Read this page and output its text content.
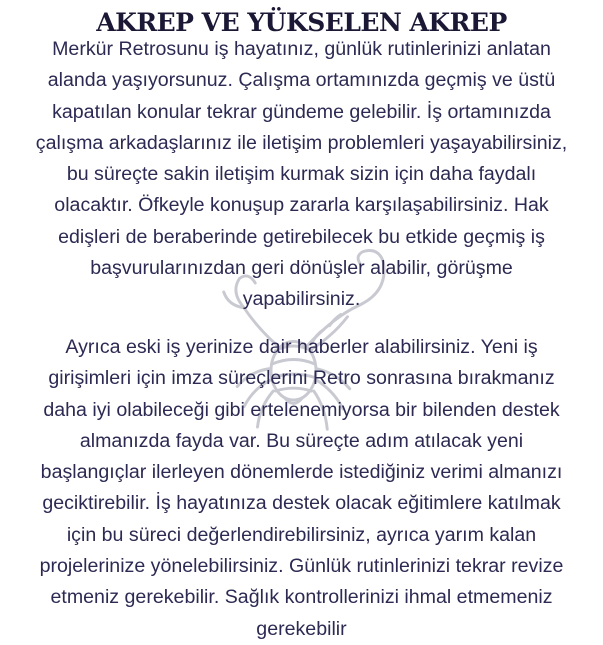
AKREP VE YÜKSELEN AKREP
Merkür Retrosunu iş hayatınız, günlük rutinlerinizi anlatan
alanda yaşıyorsunuz. Çalışma ortamınızda geçmiş ve üstü
kapatılan konular tekrar gündeme gelebilir. İş ortamınızda
çalışma arkadaşlarınız ile iletişim problemleri yaşayabilirsiniz,
bu süreçte sakin iletişim kurmak sizin için daha faydalı
olacaktır. Öfkeyle konuşup zararla karşılaşabilirsiniz. Hak
edişleri de beraberinde getirebilecek bu etkide geçmiş iş
başvurularınızdan geri dönüşler alabilir, görüşme
yapabilirsiniz.
Ayrıca eski iş yerinize dair haberler alabilirsiniz. Yeni iş
girişimleri için imza süreçlerini Retro sonrasına bırakmanız
daha iyi olabileceği gibi ertelenemiyorsa bir bilenden destek
almanızda fayda var. Bu süreçte adım atılacak yeni
başlangıçlar ilerleyen dönemlerde istediğiniz verimi almanızı
geciktirebilir. İş hayatınıza destek olacak eğitimlere katılmak
için bu süreci değerlendirebilirsiniz, ayrıca yarım kalan
projelerinize yönelebilirsiniz. Günlük rutinlerinizi tekrar revize
etmeniz gerekebilir. Sağlık kontrollerinizi ihmal etmemeniz
gerekebilir
